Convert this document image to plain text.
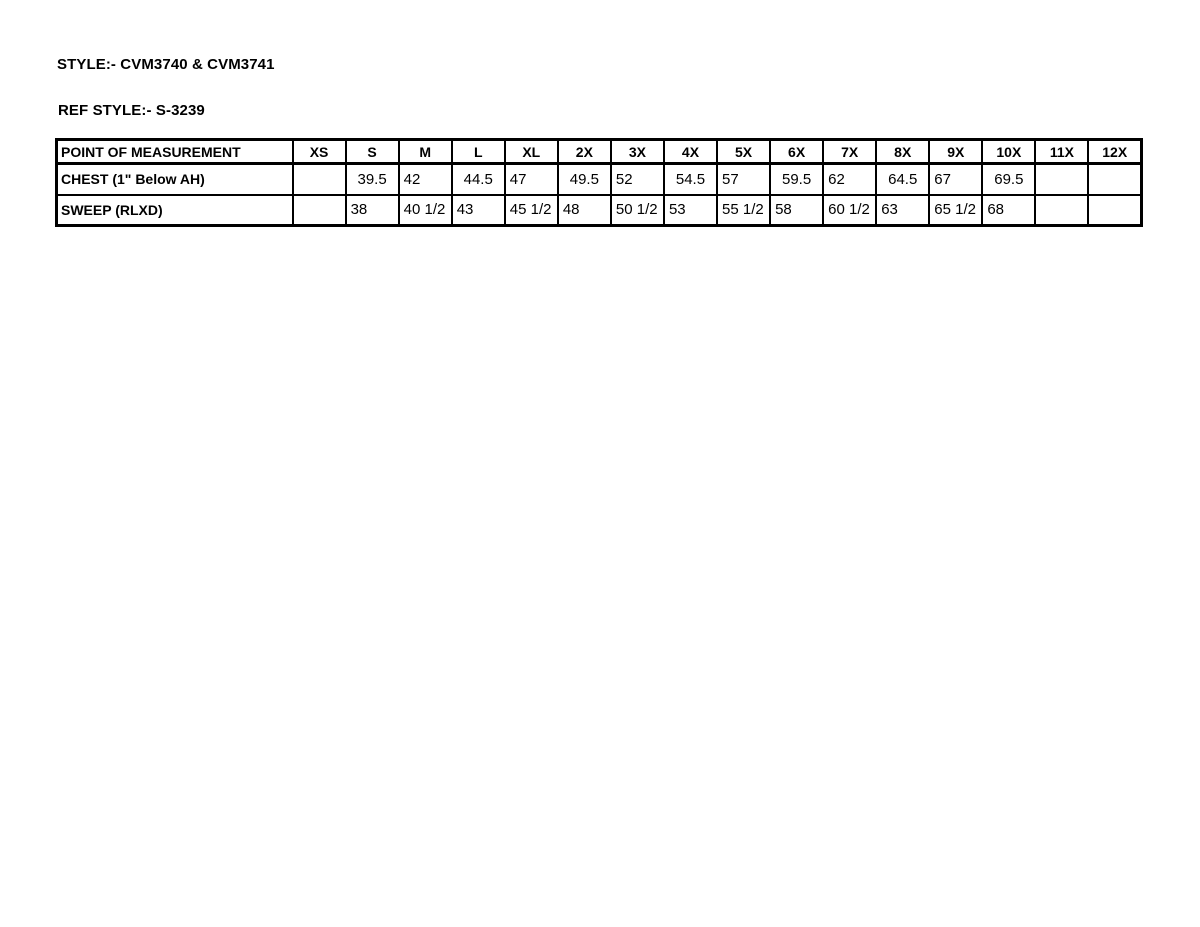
STYLE:- CVM3740 & CVM3741
REF STYLE:- S-3239
POINT OF MEASUREMENT	XS	S	M	L	XL	2X	3X	4X	5X	6X	7X	8X	9X	10X	11X	12X
CHEST (1" Below AH)		39.5	42	44.5	47	49.5	52	54.5	57	59.5	62	64.5	67	69.5		
SWEEP (RLXD)		38	40 1/2	43	45 1/2	48	50 1/2	53	55 1/2	58	60 1/2	63	65 1/2	68		
